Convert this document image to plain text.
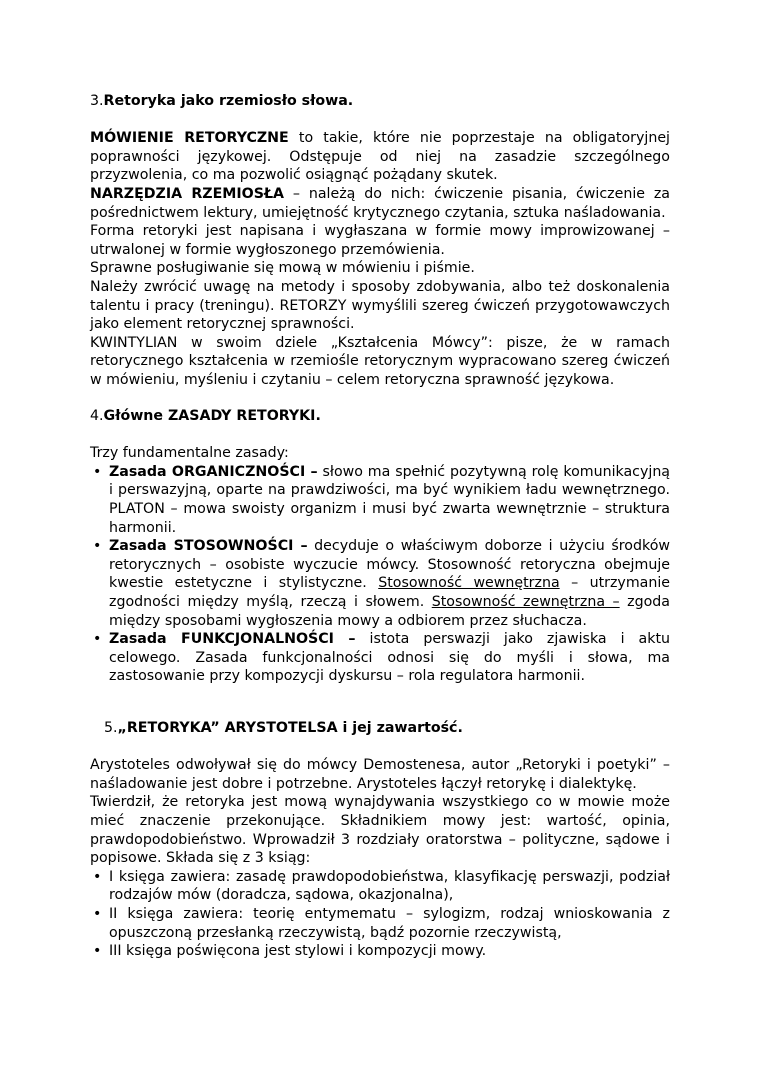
3.Retoryka jako rzemiosło słowa.

MÓWIENIE RETORYCZNE to takie, które nie poprzestaje na obligatoryjnej poprawności językowej. Odstępuje od niej na zasadzie szczególnego przyzwolenia, co ma pozwolić osiągnąć pożądany skutek.

NARZĘDZIA RZEMIOSŁA – należą do nich: ćwiczenie pisania, ćwiczenie za pośrednictwem lektury, umiejętność krytycznego czytania, sztuka naśladowania.

Forma retoryki jest napisana i wygłaszana w formie mowy improwizowanej – utrwalonej w formie wygłoszonego przemówienia.

Sprawne posługiwanie się mową w mówieniu i piśmie.

Należy zwrócić uwagę na metody i sposoby zdobywania, albo też doskonalenia talentu i pracy (treningu). RETORZY wymyślili szereg ćwiczeń przygotowawczych jako element retorycznej sprawności.

KWINTYLIAN w swoim dziele „Kształcenia Mówcy”: pisze, że w ramach retorycznego kształcenia w rzemiośle retorycznym wypracowano szereg ćwiczeń w mówieniu, myśleniu i czytaniu – celem retoryczna sprawność językowa.

4.Główne ZASADY RETORYKI.

Trzy fundamentalne zasady:

• Zasada ORGANICZNOŚCI – słowo ma spełnić pozytywną rolę komunikacyjną i perswazyjną, oparte na prawdziwości, ma być wynikiem ładu wewnętrznego. PLATON – mowa swoisty organizm i musi być zwarta wewnętrznie – struktura harmonii.
• Zasada STOSOWNOŚCI – decyduje o właściwym doborze i użyciu środków retorycznych – osobiste wyczucie mówcy. Stosowność retoryczna obejmuje kwestie estetyczne i stylistyczne. Stosowność wewnętrzna – utrzymanie zgodności między myślą, rzeczą i słowem. Stosowność zewnętrzna – zgoda między sposobami wygłoszenia mowy a odbiorem przez słuchacza.
• Zasada FUNKCJONALNOŚCI – istota perswazji jako zjawiska i aktu celowego. Zasada funkcjonalności odnosi się do myśli i słowa, ma zastosowanie przy kompozycji dyskursu – rola regulatora harmonii.

5.„RETORYKA” ARYSTOTELSA i jej zawartość.

Arystoteles odwoływał się do mówcy Demostenesa, autor „Retoryki i poetyki” – naśladowanie jest dobre i potrzebne. Arystoteles łączył retorykę i dialektykę.

Twierdził, że retoryka jest mową wynajdywania wszystkiego co w mowie może mieć znaczenie przekonujące. Składnikiem mowy jest: wartość, opinia, prawdopodobieństwo. Wprowadził 3 rozdziały oratorstwa – polityczne, sądowe i popisowe. Składa się z 3 ksiąg:

• I księga zawiera: zasadę prawdopodobieństwa, klasyfikację perswazji, podział rodzajów mów (doradcza, sądowa, okazjonalna),
• II księga zawiera: teorię entymematu – sylogizm, rodzaj wnioskowania z opuszczoną przesłanką rzeczywistą, bądź pozornie rzeczywistą,
• III księga poświęcona jest stylowi i kompozycji mowy.
